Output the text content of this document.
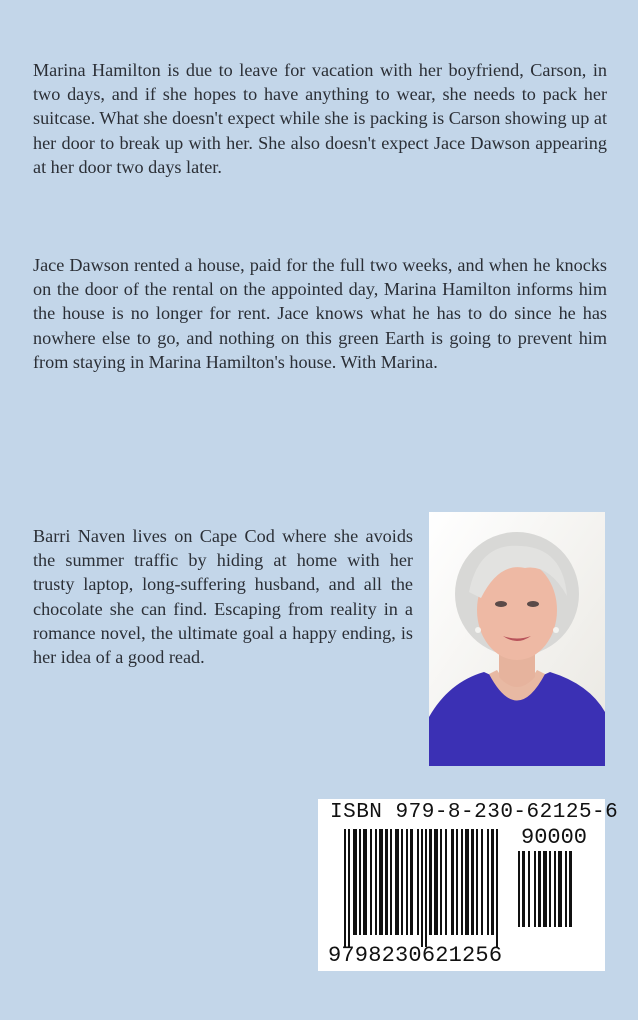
Marina Hamilton is due to leave for vacation with her boyfriend, Carson, in two days, and if she hopes to have anything to wear, she needs to pack her suitcase. What she doesn't expect while she is packing is Carson showing up at her door to break up with her. She also doesn't expect Jace Dawson appearing at her door two days later.

Jace Dawson rented a house, paid for the full two weeks, and when he knocks on the door of the rental on the appointed day, Marina Hamilton informs him the house is no longer for rent. Jace knows what he has to do since he has nowhere else to go, and nothing on this green Earth is going to prevent him from staying in Marina Hamilton's house. With Marina.

Barri Naven lives on Cape Cod where she avoids the summer traffic by hiding at home with her trusty laptop, long-suffering husband, and all the chocolate she can find. Escaping from reality in a romance novel, the ultimate goal a happy ending, is her idea of a good read.

ISBN 979-8-230-62125-6
90000
9798230621256
